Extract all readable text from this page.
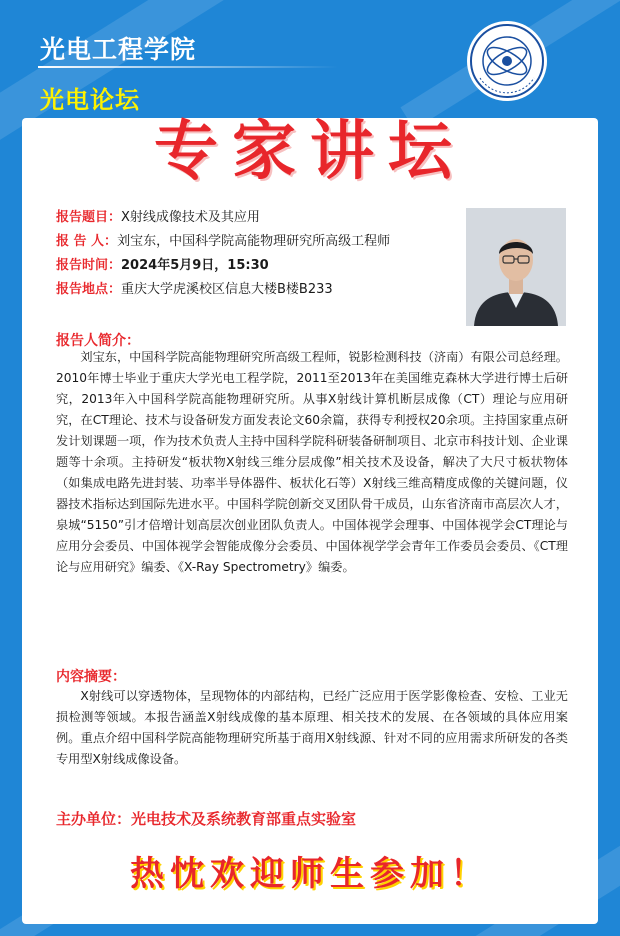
光电工程学院
光电论坛
专家讲坛
报告题目：X射线成像技术及其应用
报 告 人：刘宝东，中国科学院高能物理研究所高级工程师
报告时间：2024年5月9日，15:30
报告地点：重庆大学虎溪校区信息大楼B楼B233
报告人简介：
刘宝东，中国科学院高能物理研究所高级工程师，锐影检测科技（济南）有限公司总经理。2010年博士毕业于重庆大学光电工程学院，2011至2013年在美国维克森林大学进行博士后研究，2013年入中国科学院高能物理研究所。从事X射线计算机断层成像（CT）理论与应用研究，在CT理论、技术与设备研发方面发表论文60余篇，获得专利授权20余项。主持国家重点研发计划课题一项，作为技术负责人主持中国科学院科研装备研制项目、北京市科技计划、企业课题等十余项。主持研发“板状物X射线三维分层成像”相关技术及设备，解决了大尺寸板状物体（如集成电路先进封装、功率半导体器件、板状化石等）X射线三维高精度成像的关键问题，仪器技术指标达到国际先进水平。中国科学院创新交叉团队骨干成员，山东省济南市高层次人才，泉城“5150”引才倍增计划高层次创业团队负责人。中国体视学会理事、中国体视学会CT理论与应用分会委员、中国体视学会智能成像分会委员、中国体视学学会青年工作委员会委员、《CT理论与应用研究》编委、《X-Ray Spectrometry》编委。
内容摘要：
X射线可以穿透物体，呈现物体的内部结构，已经广泛应用于医学影像检查、安检、工业无损检测等领域。本报告涵盖X射线成像的基本原理、相关技术的发展、在各领域的具体应用案例。重点介绍中国科学院高能物理研究所基于商用X射线源、针对不同的应用需求所研发的各类专用型X射线成像设备。
主办单位：光电技术及系统教育部重点实验室
热忱欢迎师生参加！
